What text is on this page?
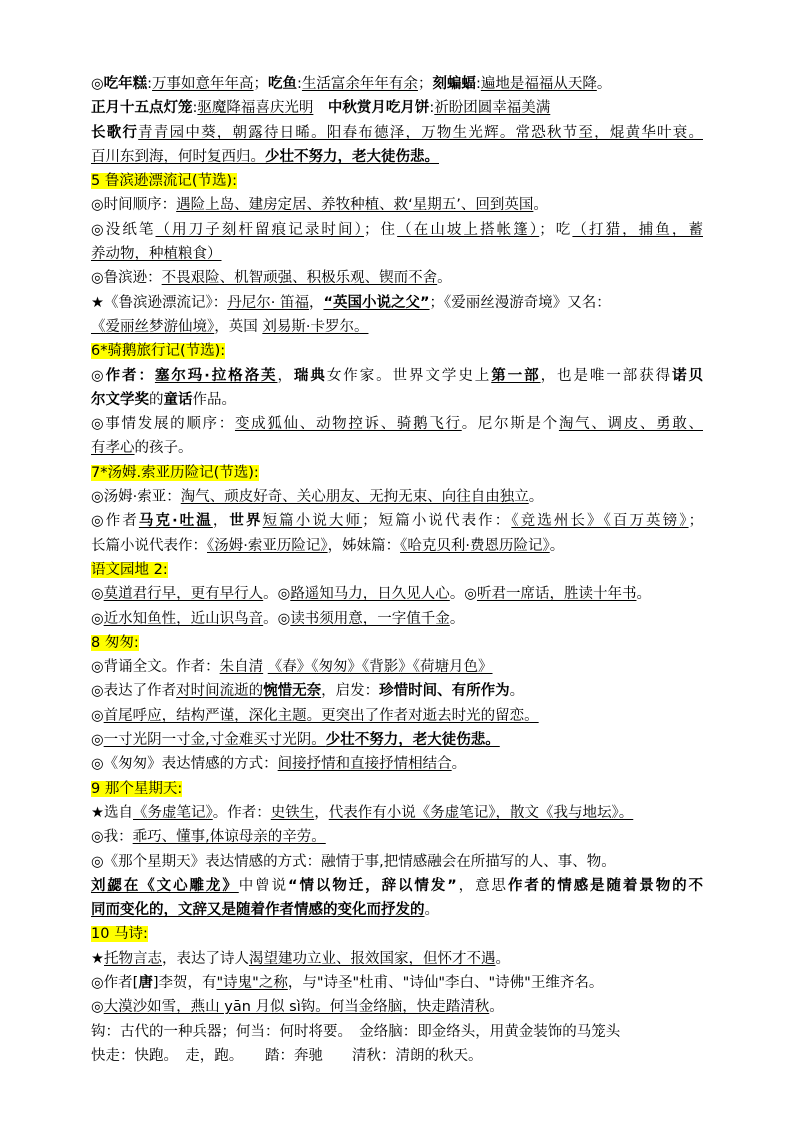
◎吃年糕:万事如意年年高；吃鱼:生活富余年年有余；刻蝙蝠:遍地是福福从天降。
正月十五点灯笼:驱魔降福喜庆光明　 中秋赏月吃月饼:祈盼团圆幸福美满
长歌行青青园中葵，朝露待日晞。阳春布德泽，万物生光辉。常恐秋节至，焜黄华叶衰。
百川东到海，何时复西归。少壮不努力，老大徒伤悲。
5 鲁滨逊漂流记(节选):
◎时间顺序：遇险上岛、建房定居、养牧种植、救‘星期五’、回到英国。
◎没纸笔（用刀子刻杆留痕记录时间）；住（在山坡上搭帐篷）；吃（打猎，捕鱼，蓄
养动物，种植粮食）
◎鲁滨逊：不畏艰险、机智顽强、积极乐观、锲而不舍。
★《鲁滨逊漂流记》：丹尼尔· 笛福，“英国小说之父”；《爱丽丝漫游奇境》又名：
《爱丽丝梦游仙境》，英国 刘易斯·卡罗尔。
6*骑鹅旅行记(节选):
◎作者：塞尔玛·拉格洛芙，瑞典女作家。世界文学史上第一部，也是唯一部获得诺贝
尔文学奖的童话作品。
◎事情发展的顺序：变成狐仙、动物控诉、骑鹅飞行。尼尔斯是个淘气、调皮、勇敢、
有孝心的孩子。
7*汤姆.索亚历险记(节选):
◎汤姆·索亚：淘气、顽皮好奇、关心朋友、无拘无束、向往自由独立。
◎作者马克·吐温，世界短篇小说大师；短篇小说代表作：《竞选州长》《百万英镑》；
长篇小说代表作：《汤姆·索亚历险记》，姊妹篇：《哈克贝利·费恩历险记》。
语文园地 2:
◎莫道君行早，更有早行人。◎路遥知马力，日久见人心。◎听君一席话，胜读十年书。
◎近水知鱼性，近山识鸟音。◎读书须用意，一字值千金。
8 匆匆:
◎背诵全文。作者：朱自清 《春》《匆匆》《背影》《荷塘月色》
◎表达了作者对时间流逝的惋惜无奈，启发：珍惜时间、有所作为。
◎首尾呼应，结构严谨，深化主题。更突出了作者对逝去时光的留恋。
◎一寸光阴一寸金,寸金难买寸光阴。少壮不努力，老大徒伤悲。
◎《匆匆》表达情感的方式：间接抒情和直接抒情相结合。
9 那个星期天:
★选自《务虚笔记》。作者：史铁生，代表作有小说《务虚笔记》，散文《我与地坛》。
◎我：乖巧、懂事,体谅母亲的辛劳。
◎《那个星期天》表达情感的方式：融情于事,把情感融会在所描写的人、事、物。
刘勰在《文心雕龙》中曾说“情以物迁，辞以情发”，意思作者的情感是随着景物的不
同而变化的，文辞又是随着作者情感的变化而抒发的。
10 马诗:
★托物言志，表达了诗人渴望建功立业、报效国家，但怀才不遇。
◎作者[唐]李贺，有"诗鬼"之称，与"诗圣"杜甫、"诗仙"李白、"诗佛"王维齐名。
◎大漠沙如雪，燕山 yān 月似 sì钩。何当金络脑，快走踏清秋。
钩：古代的一种兵器；何当：何时将要。　金络脑：即金络头，用黄金装饰的马笼头
快走：快跑。　走，跑。　　踏：奔驰　　清秋：清朗的秋天。
